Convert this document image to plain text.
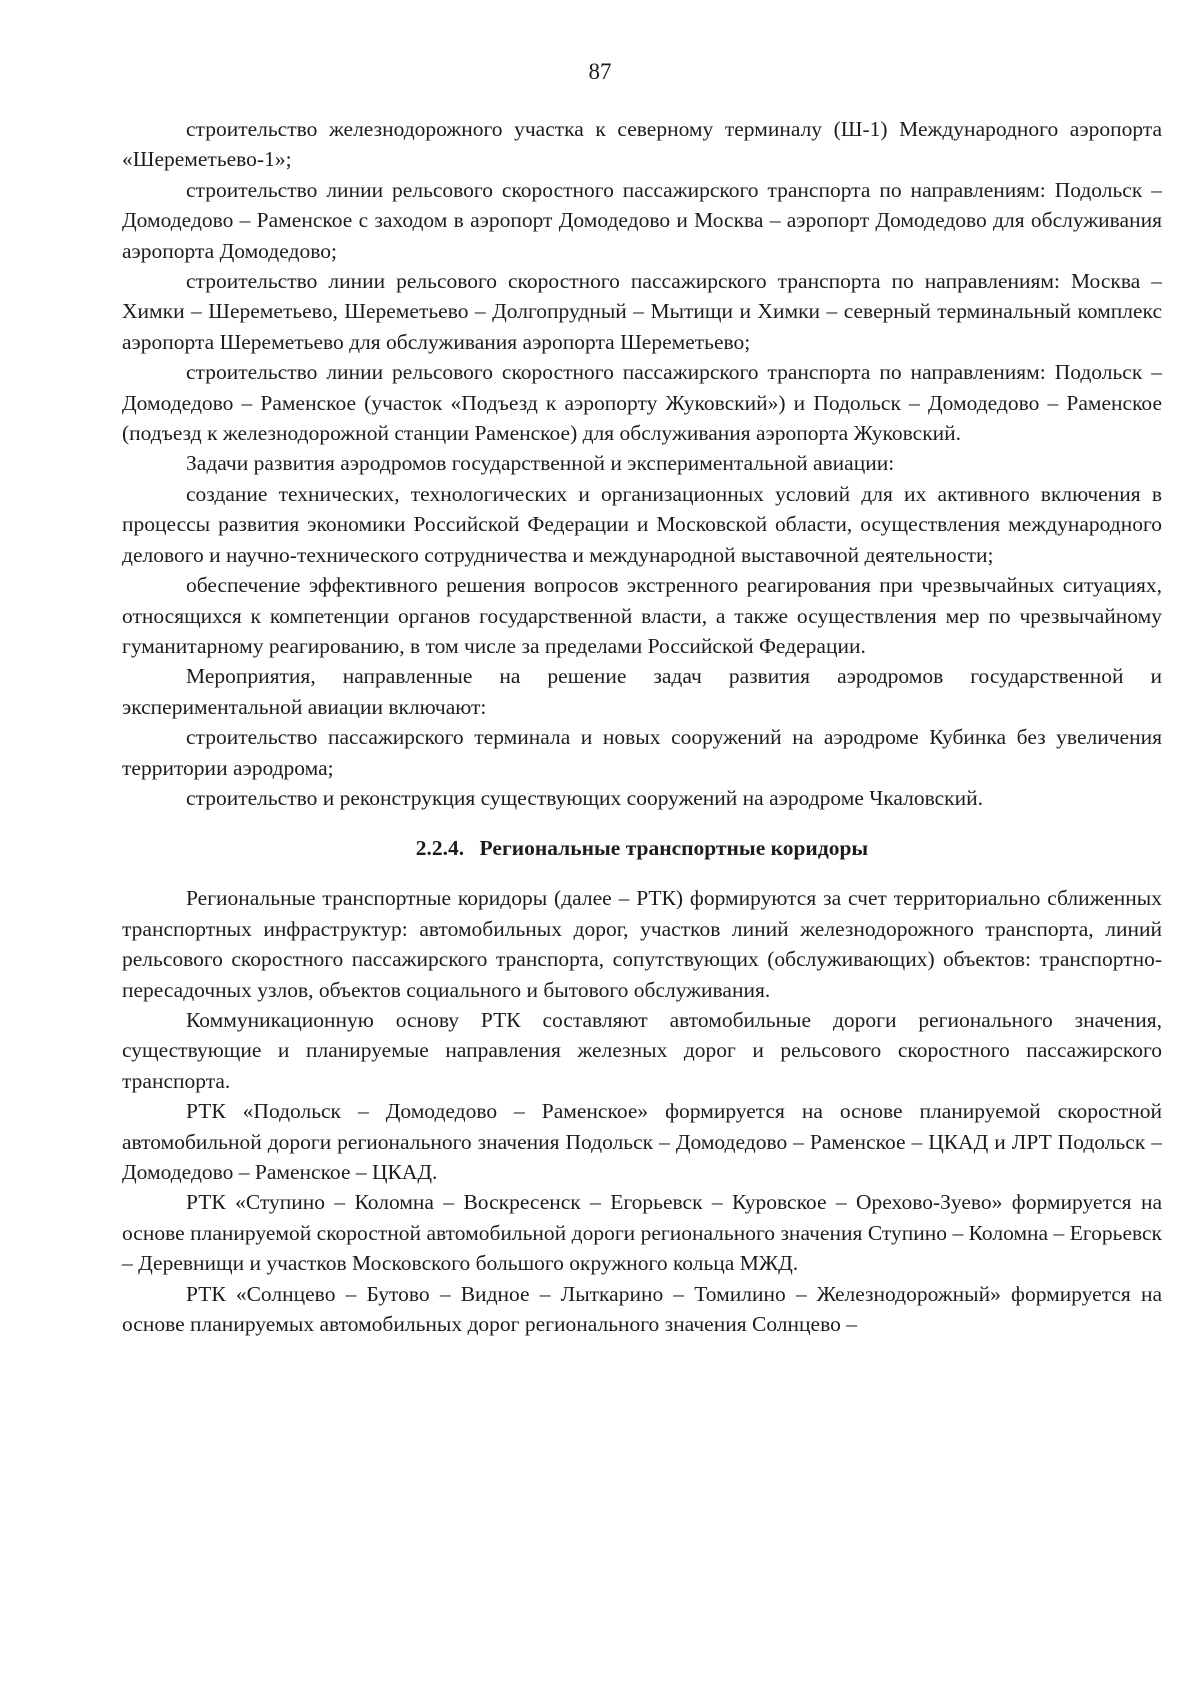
87

строительство железнодорожного участка к северному терминалу (Ш-1) Международного аэропорта «Шереметьево-1»;

строительство линии рельсового скоростного пассажирского транспорта по направлениям: Подольск – Домодедово – Раменское с заходом в аэропорт Домодедово и Москва – аэропорт Домодедово для обслуживания аэропорта Домодедово;

строительство линии рельсового скоростного пассажирского транспорта по направлениям: Москва – Химки – Шереметьево, Шереметьево – Долгопрудный – Мытищи и Химки – северный терминальный комплекс аэропорта Шереметьево для обслуживания аэропорта Шереметьево;

строительство линии рельсового скоростного пассажирского транспорта по направлениям: Подольск – Домодедово – Раменское (участок «Подъезд к аэропорту Жуковский») и Подольск – Домодедово – Раменское (подъезд к железнодорожной станции Раменское) для обслуживания аэропорта Жуковский.

Задачи развития аэродромов государственной и экспериментальной авиации:

создание технических, технологических и организационных условий для их активного включения в процессы развития экономики Российской Федерации и Московской области, осуществления международного делового и научно-технического сотрудничества и международной выставочной деятельности;

обеспечение эффективного решения вопросов экстренного реагирования при чрезвычайных ситуациях, относящихся к компетенции органов государственной власти, а также осуществления мер по чрезвычайному гуманитарному реагированию, в том числе за пределами Российской Федерации.

Мероприятия, направленные на решение задач развития аэродромов государственной и экспериментальной авиации включают:

строительство пассажирского терминала и новых сооружений на аэродроме Кубинка без увеличения территории аэродрома;

строительство и реконструкция существующих сооружений на аэродроме Чкаловский.

2.2.4. Региональные транспортные коридоры

Региональные транспортные коридоры (далее – РТК) формируются за счет территориально сближенных транспортных инфраструктур: автомобильных дорог, участков линий железнодорожного транспорта, линий рельсового скоростного пассажирского транспорта, сопутствующих (обслуживающих) объектов: транспортно-пересадочных узлов, объектов социального и бытового обслуживания.

Коммуникационную основу РТК составляют автомобильные дороги регионального значения, существующие и планируемые направления железных дорог и рельсового скоростного пассажирского транспорта.

РТК «Подольск – Домодедово – Раменское» формируется на основе планируемой скоростной автомобильной дороги регионального значения Подольск – Домодедово – Раменское – ЦКАД и ЛРТ Подольск – Домодедово – Раменское – ЦКАД.

РТК «Ступино – Коломна – Воскресенск – Егорьевск – Куровское – Орехово-Зуево» формируется на основе планируемой скоростной автомобильной дороги регионального значения Ступино – Коломна – Егорьевск – Деревнищи и участков Московского большого окружного кольца МЖД.

РТК «Солнцево – Бутово – Видное – Лыткарино – Томилино – Железнодорожный» формируется на основе планируемых автомобильных дорог регионального значения Солнцево –
